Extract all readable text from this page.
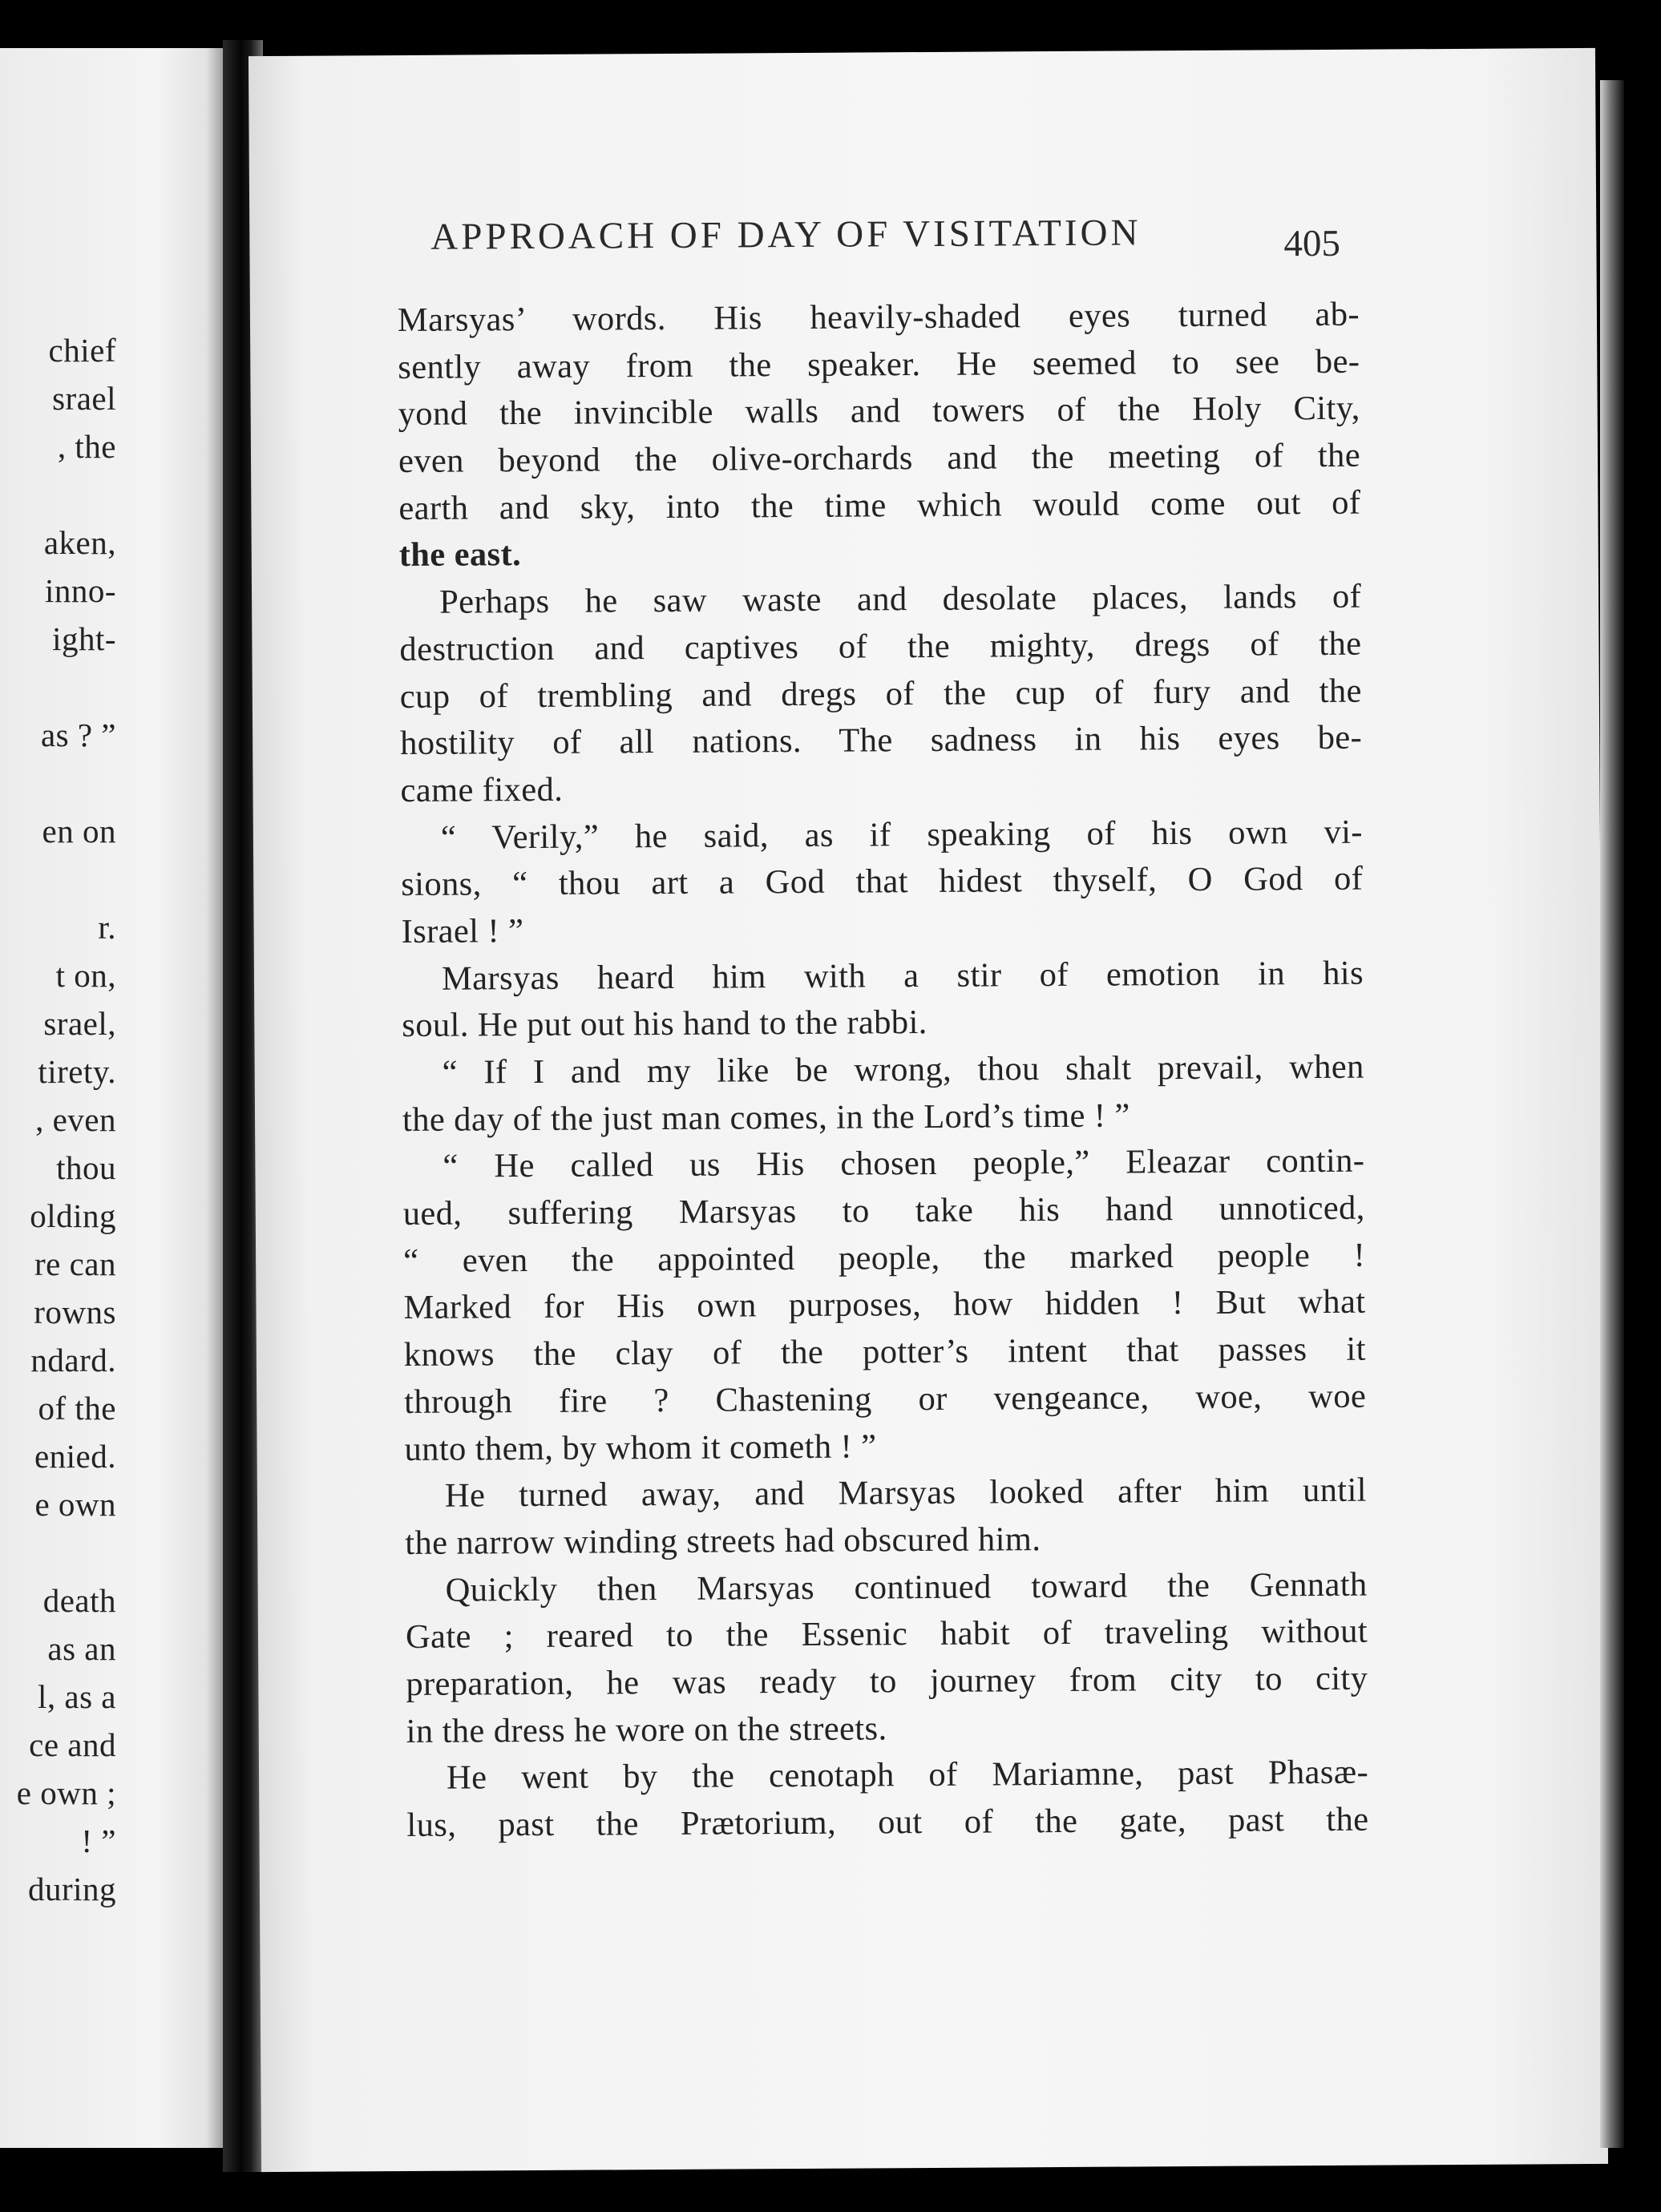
chief
srael
, the
aken,
inno-
ight-
as ? ”
en on
r.
t on,
srael,
tirety.
, even
thou
olding
re can
rowns
ndard.
of the
enied.
e own
death
as an
l, as a
ce and
e own ;
! ”
during
APPROACH OF DAY OF VISITATION	405
Marsyas’ words. His heavily-shaded eyes turned ab-
sently away from the speaker. He seemed to see be-
yond the invincible walls and towers of the Holy City,
even beyond the olive-orchards and the meeting of the
earth and sky, into the time which would come out of
the east.
Perhaps he saw waste and desolate places, lands of
destruction and captives of the mighty, dregs of the
cup of trembling and dregs of the cup of fury and the
hostility of all nations. The sadness in his eyes be-
came fixed.
“ Verily,” he said, as if speaking of his own vi-
sions, “ thou art a God that hidest thyself, O God of
Israel ! ”
Marsyas heard him with a stir of emotion in his
soul. He put out his hand to the rabbi.
“ If I and my like be wrong, thou shalt prevail, when
the day of the just man comes, in the Lord’s time ! ”
“ He called us His chosen people,” Eleazar contin-
ued, suffering Marsyas to take his hand unnoticed,
“ even the appointed people, the marked people !
Marked for His own purposes, how hidden ! But what
knows the clay of the potter’s intent that passes it
through fire ? Chastening or vengeance, woe, woe
unto them, by whom it cometh ! ”
He turned away, and Marsyas looked after him until
the narrow winding streets had obscured him.
Quickly then Marsyas continued toward the Gennath
Gate ; reared to the Essenic habit of traveling without
preparation, he was ready to journey from city to city
in the dress he wore on the streets.
He went by the cenotaph of Mariamne, past Phasæ-
lus, past the Prætorium, out of the gate, past the
